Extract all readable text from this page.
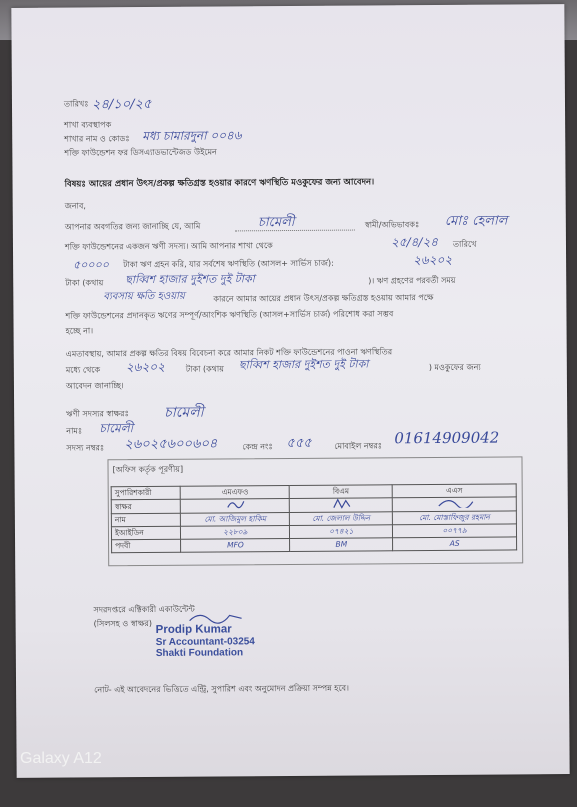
তারিখঃ ২৪/১০/২৫
শাখা ব্যবস্থাপক
শাখার নাম ও কোডঃ মধ্য চামারদুনা ০০৪৬
শক্তি ফাউন্ডেশন ফর ডিসএ্যাডভান্টেজড উইমেন
বিষয়ঃ আয়ের প্রধান উৎস/প্রকল্প ক্ষতিগ্রস্ত হওয়ার কারণে ঋণস্থিতি মওকুফের জন্য আবেদন।
জনাব,
আপনার অবগতির জন্য জানাচ্ছি যে, আমি	চামেলী	স্বামী/অভিভাবকঃ মোঃ হেলাল
শক্তি ফাউন্ডেশনের একজন ঋণী সদস্য। আমি আপনার শাখা থেকে	২৫/৪/২৪ তারিখে
৫০০০০ টাকা ঋণ গ্রহন করি, যার সর্বশেষ ঋণস্থিতি (আসল+ সার্ভিস চার্জ):	২৬২০২
টাকা (কথায় ছাব্বিশ হাজার দুইশত দুই টাকা	)। ঋণ গ্রহণের পরবর্তী সময়
ব্যবসায় ক্ষতি হওয়ায়	কারনে আমার আয়ের প্রধান উৎস/প্রকল্প ক্ষতিগ্রস্ত হওয়ায় আমার পক্ষে
শক্তি ফাউন্ডেশনের প্রদানকৃত ঋণের সম্পূর্ণ/আংশিক ঋণস্থিতি (আসল+সার্ভিস চার্জ) পরিশোধ করা সম্ভব
হচ্ছে না।
এমতাবস্থায়, আমার প্রকল্প ক্ষতির বিষয় বিবেচনা করে আমার নিকট শক্তি ফাউন্ডেশনের পাওনা ঋণস্থিতির
মধ্যে থেকে ২৬২০২	টাকা (কথায় ছাব্বিশ হাজার দুইশত দুই টাকা	) মওকুফের জন্য
আবেদন জানাচ্ছি।
ঋণী সদস্যর স্বাক্ষরঃ	চামেলী
নামঃ চামেলী
সদস্য নম্বরঃ ২৬০২৫৬০০৬০৪	কেন্দ্র নংঃ ৫৫৫	মোবাইল নম্বরঃ 01614909042
[অফিস কর্তৃক পূরণীয়]
সুপারিশকারী	এমএফও	বিএম	এএস
স্বাক্ষর			
নাম	মো. আজিমুল হাকিম	মো. জেলাল উদ্দিন	মো. মোস্তাফিজুর রহমান
ইআইডিন	২২৮০৯	০৭৪২১	০০৭৭৯
পদবী	MFO	BM	AS
সদরদপ্তরে এক্টিকারী একাউন্টেন্ট
(সিলসহ ও স্বাক্ষর) Prodip Kumar
Sr Accountant-03254
Shakti Foundation
নোট- এই আবেদনের ভিত্তিতে এন্ট্রি, সুপারিশ এবং অনুমোদন প্রক্রিয়া সম্পন্ন হবে।
Galaxy A12
